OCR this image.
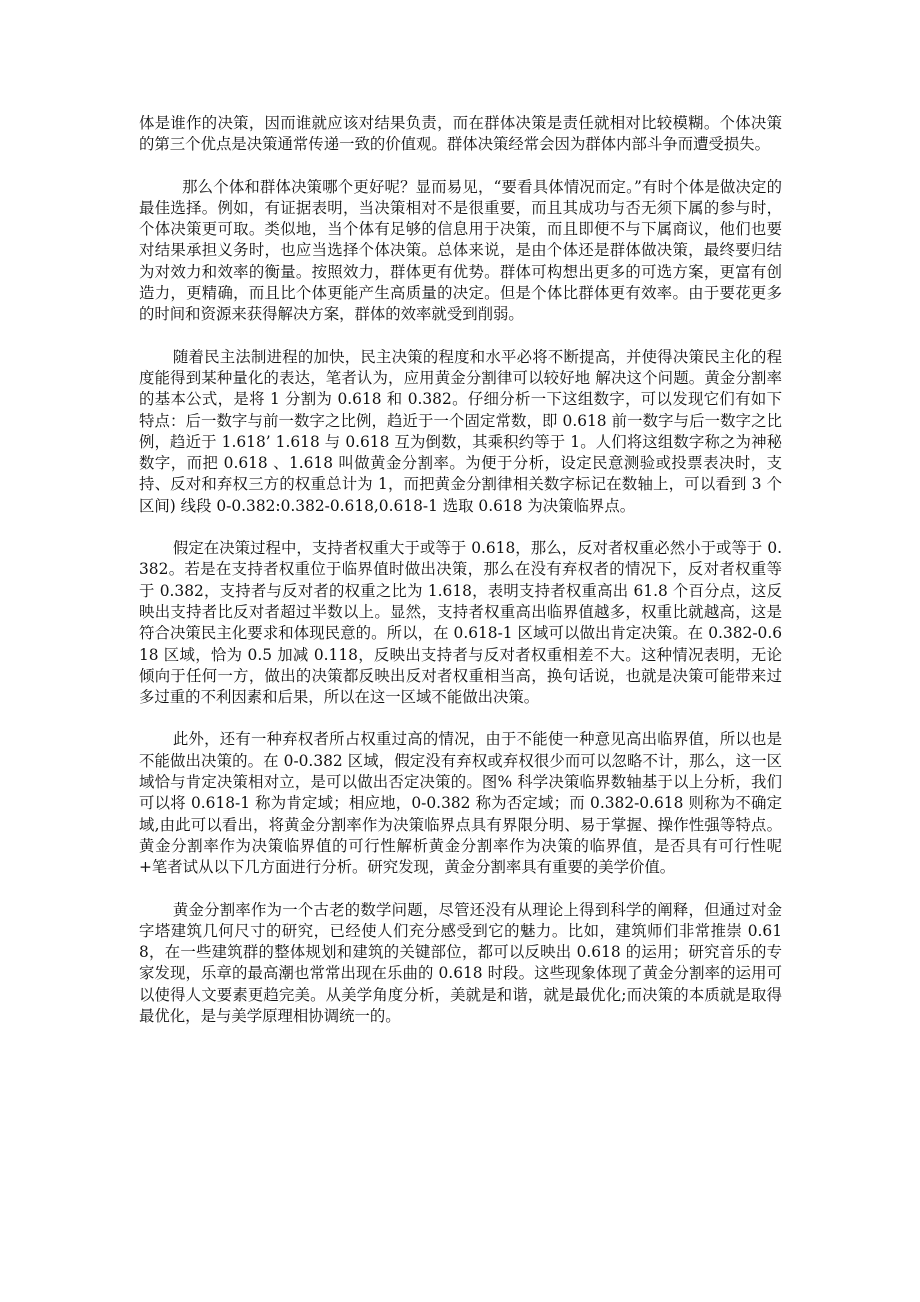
体是谁作的决策，因而谁就应该对结果负责，而在群体决策是责任就相对比较模糊。个体决策的第三个优点是决策通常传递一致的价值观。群体决策经常会因为群体内部斗争而遭受损失。

那么个体和群体决策哪个更好呢？显而易见，“要看具体情况而定。”有时个体是做决定的最佳选择。例如，有证据表明，当决策相对不是很重要，而且其成功与否无须下属的参与时，个体决策更可取。类似地，当个体有足够的信息用于决策，而且即便不与下属商议，他们也要对结果承担义务时，也应当选择个体决策。总体来说，是由个体还是群体做决策，最终要归结为对效力和效率的衡量。按照效力，群体更有优势。群体可构想出更多的可选方案，更富有创造力，更精确，而且比个体更能产生高质量的决定。但是个体比群体更有效率。由于要花更多的时间和资源来获得解决方案，群体的效率就受到削弱。

随着民主法制进程的加快，民主决策的程度和水平必将不断提高，并使得决策民主化的程度能得到某种量化的表达，笔者认为，应用黄金分割律可以较好地 解决这个问题。黄金分割率的基本公式，是将 1 分割为 0.618 和 0.382。仔细分析一下这组数字，可以发现它们有如下特点：后一数字与前一数字之比例，趋近于一个固定常数，即 0.618 前一数字与后一数字之比例，趋近于 1.618’ 1.618 与 0.618 互为倒数，其乘积约等于 1。人们将这组数字称之为神秘数字，而把 0.618 、1.618 叫做黄金分割率。为便于分析，设定民意测验或投票表决时，支持、反对和弃权三方的权重总计为 1，而把黄金分割律相关数字标记在数轴上，可以看到 3 个区间) 线段 0-0.382:0.382-0.618,0.618-1 选取 0.618 为决策临界点。

假定在决策过程中，支持者权重大于或等于 0.618，那么，反对者权重必然小于或等于 0.382。若是在支持者权重位于临界值时做出决策，那么在没有弃权者的情况下，反对者权重等于 0.382，支持者与反对者的权重之比为 1.618，表明支持者权重高出 61.8 个百分点，这反映出支持者比反对者超过半数以上。显然，支持者权重高出临界值越多，权重比就越高，这是符合决策民主化要求和体现民意的。所以，在 0.618-1 区域可以做出肯定决策。在 0.382-0.618 区域，恰为 0.5 加减 0.118，反映出支持者与反对者权重相差不大。这种情况表明，无论倾向于任何一方，做出的决策都反映出反对者权重相当高，换句话说，也就是决策可能带来过多过重的不利因素和后果，所以在这一区域不能做出决策。

此外，还有一种弃权者所占权重过高的情况，由于不能使一种意见高出临界值，所以也是不能做出决策的。在 0-0.382 区域，假定没有弃权或弃权很少而可以忽略不计，那么，这一区域恰与肯定决策相对立，是可以做出否定决策的。图% 科学决策临界数轴基于以上分析，我们可以将 0.618-1 称为肯定域；相应地，0-0.382 称为否定域；而 0.382-0.618 则称为不确定域,由此可以看出，将黄金分割率作为决策临界点具有界限分明、易于掌握、操作性强等特点。黄金分割率作为决策临界值的可行性解析黄金分割率作为决策的临界值，是否具有可行性呢+笔者试从以下几方面进行分析。研究发现，黄金分割率具有重要的美学价值。

黄金分割率作为一个古老的数学问题，尽管还没有从理论上得到科学的阐释，但通过对金字塔建筑几何尺寸的研究，已经使人们充分感受到它的魅力。比如，建筑师们非常推崇 0.618，在一些建筑群的整体规划和建筑的关键部位，都可以反映出 0.618 的运用；研究音乐的专家发现，乐章的最高潮也常常出现在乐曲的 0.618 时段。这些现象体现了黄金分割率的运用可以使得人文要素更趋完美。从美学角度分析，美就是和谐，就是最优化;而决策的本质就是取得最优化，是与美学原理相协调统一的。
